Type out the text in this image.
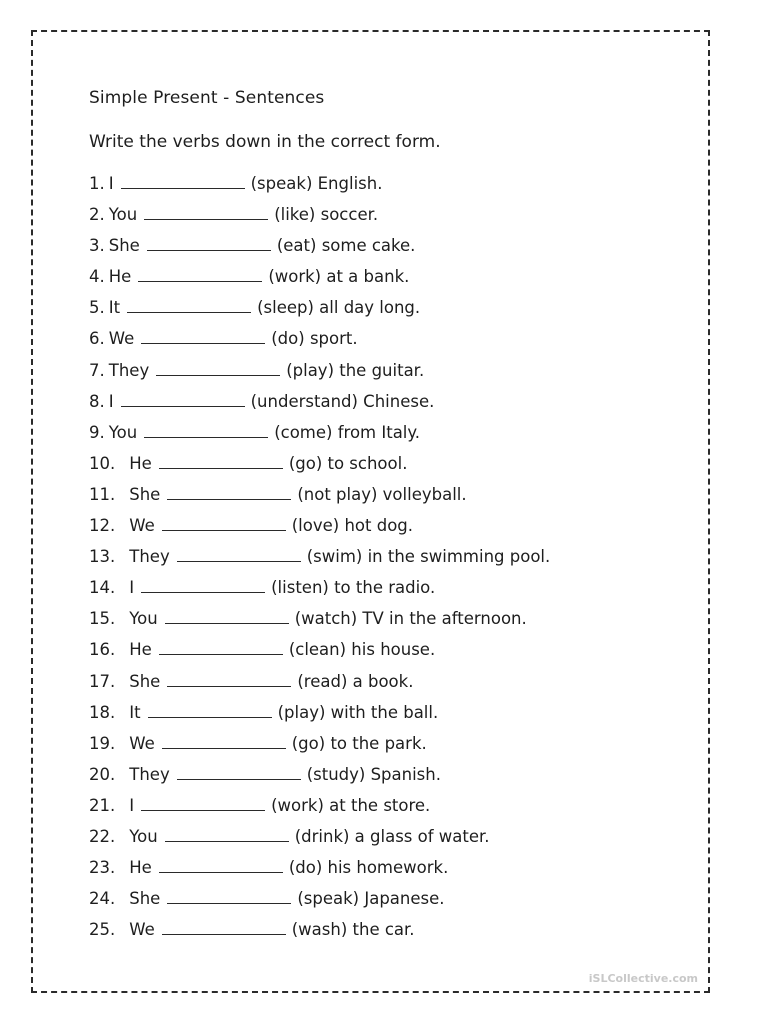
Simple Present - Sentences

Write the verbs down in the correct form.

1. I	(speak) English.
2. You	(like) soccer.
3. She	(eat) some cake.
4. He	(work) at a bank.
5. It	(sleep) all day long.
6. We	(do) sport.
7. They	(play) the guitar.
8. I	(understand) Chinese.
9. You	(come) from Italy.
10. He	(go) to school.
11. She	(not play) volleyball.
12. We	(love) hot dog.
13. They	(swim) in the swimming pool.
14. I	(listen) to the radio.
15. You	(watch) TV in the afternoon.
16. He	(clean) his house.
17. She	(read) a book.
18. It	(play) with the ball.
19. We	(go) to the park.
20. They	(study) Spanish.
21. I	(work) at the store.
22. You	(drink) a glass of water.
23. He	(do) his homework.
24. She	(speak) Japanese.
25. We	(wash) the car.
iSLCollective.com
